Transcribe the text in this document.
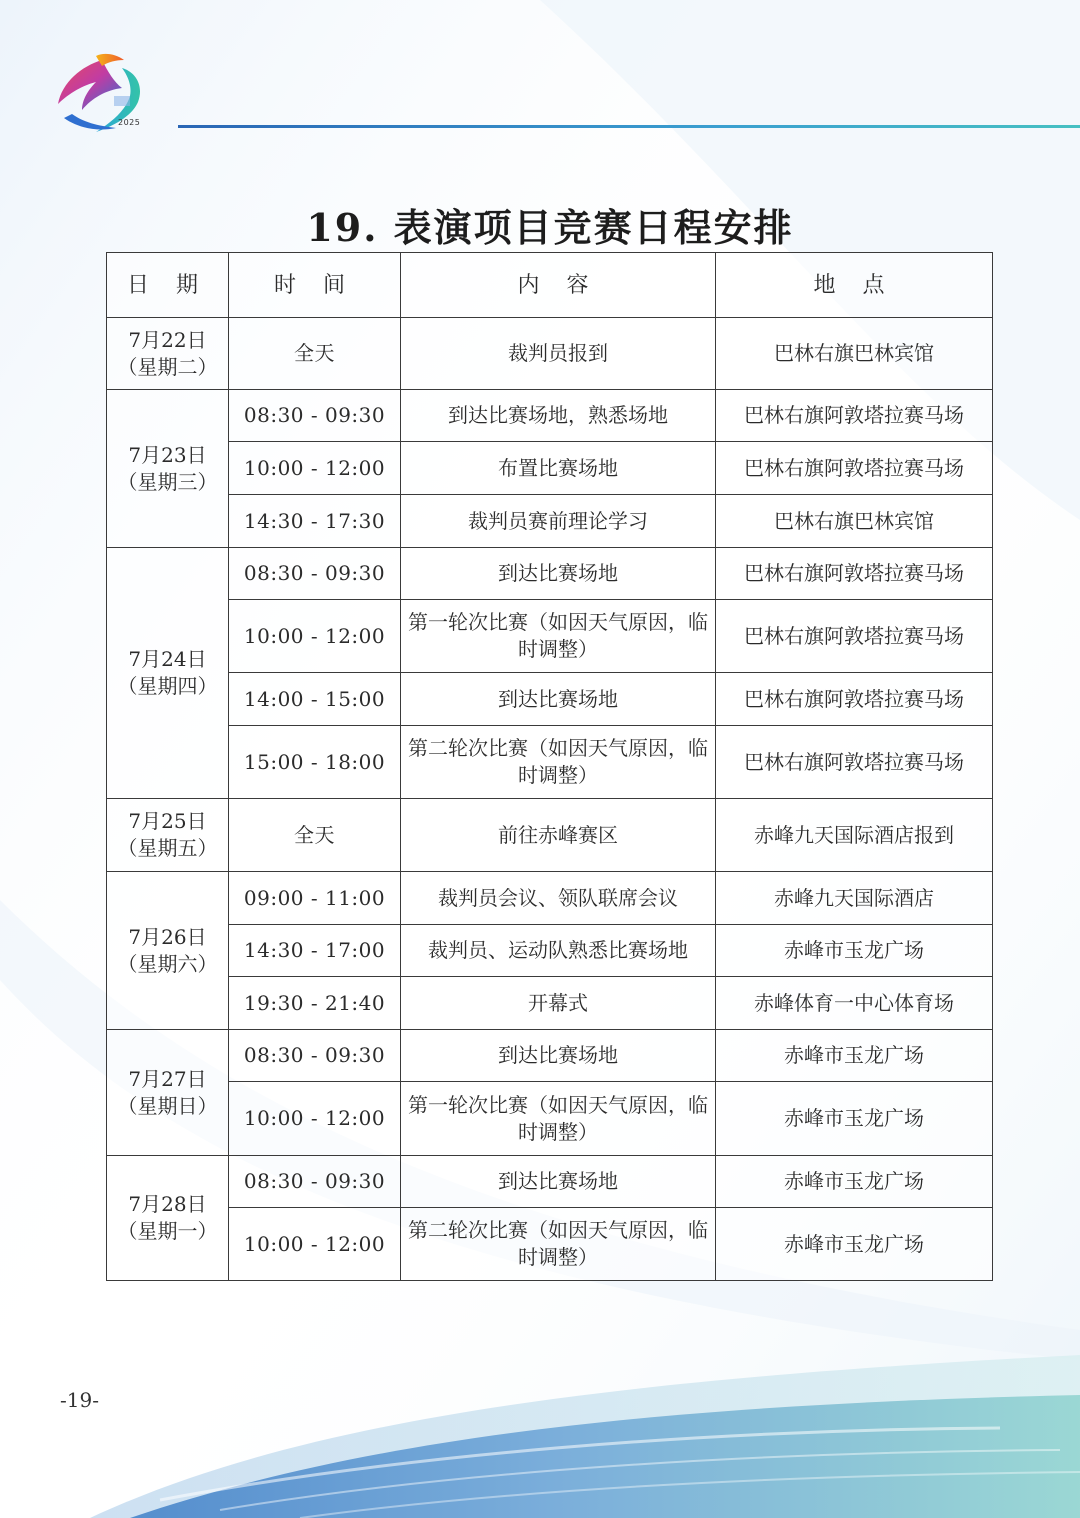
2025
19. 表演项目竞赛日程安排
日 期	时 间	内 容	地 点

7月22日
（星期二）	全天	裁判员报到	巴林右旗巴林宾馆

7月23日
（星期三）	08:30 - 09:30	到达比赛场地，熟悉场地	巴林右旗阿敦塔拉赛马场
	10:00 - 12:00	布置比赛场地	巴林右旗阿敦塔拉赛马场
	14:30 - 17:30	裁判员赛前理论学习	巴林右旗巴林宾馆

7月24日
（星期四）	08:30 - 09:30	到达比赛场地	巴林右旗阿敦塔拉赛马场
	10:00 - 12:00	第一轮次比赛（如因天气原因，临时调整）	巴林右旗阿敦塔拉赛马场
	14:00 - 15:00	到达比赛场地	巴林右旗阿敦塔拉赛马场
	15:00 - 18:00	第二轮次比赛（如因天气原因，临时调整）	巴林右旗阿敦塔拉赛马场

7月25日
（星期五）	全天	前往赤峰赛区	赤峰九天国际酒店报到

7月26日
（星期六）	09:00 - 11:00	裁判员会议、领队联席会议	赤峰九天国际酒店
	14:30 - 17:00	裁判员、运动队熟悉比赛场地	赤峰市玉龙广场
	19:30 - 21:40	开幕式	赤峰体育一中心体育场

7月27日
（星期日）	08:30 - 09:30	到达比赛场地	赤峰市玉龙广场
	10:00 - 12:00	第一轮次比赛（如因天气原因，临时调整）	赤峰市玉龙广场

7月28日
（星期一）	08:30 - 09:30	到达比赛场地	赤峰市玉龙广场
	10:00 - 12:00	第二轮次比赛（如因天气原因，临时调整）	赤峰市玉龙广场
-19-
